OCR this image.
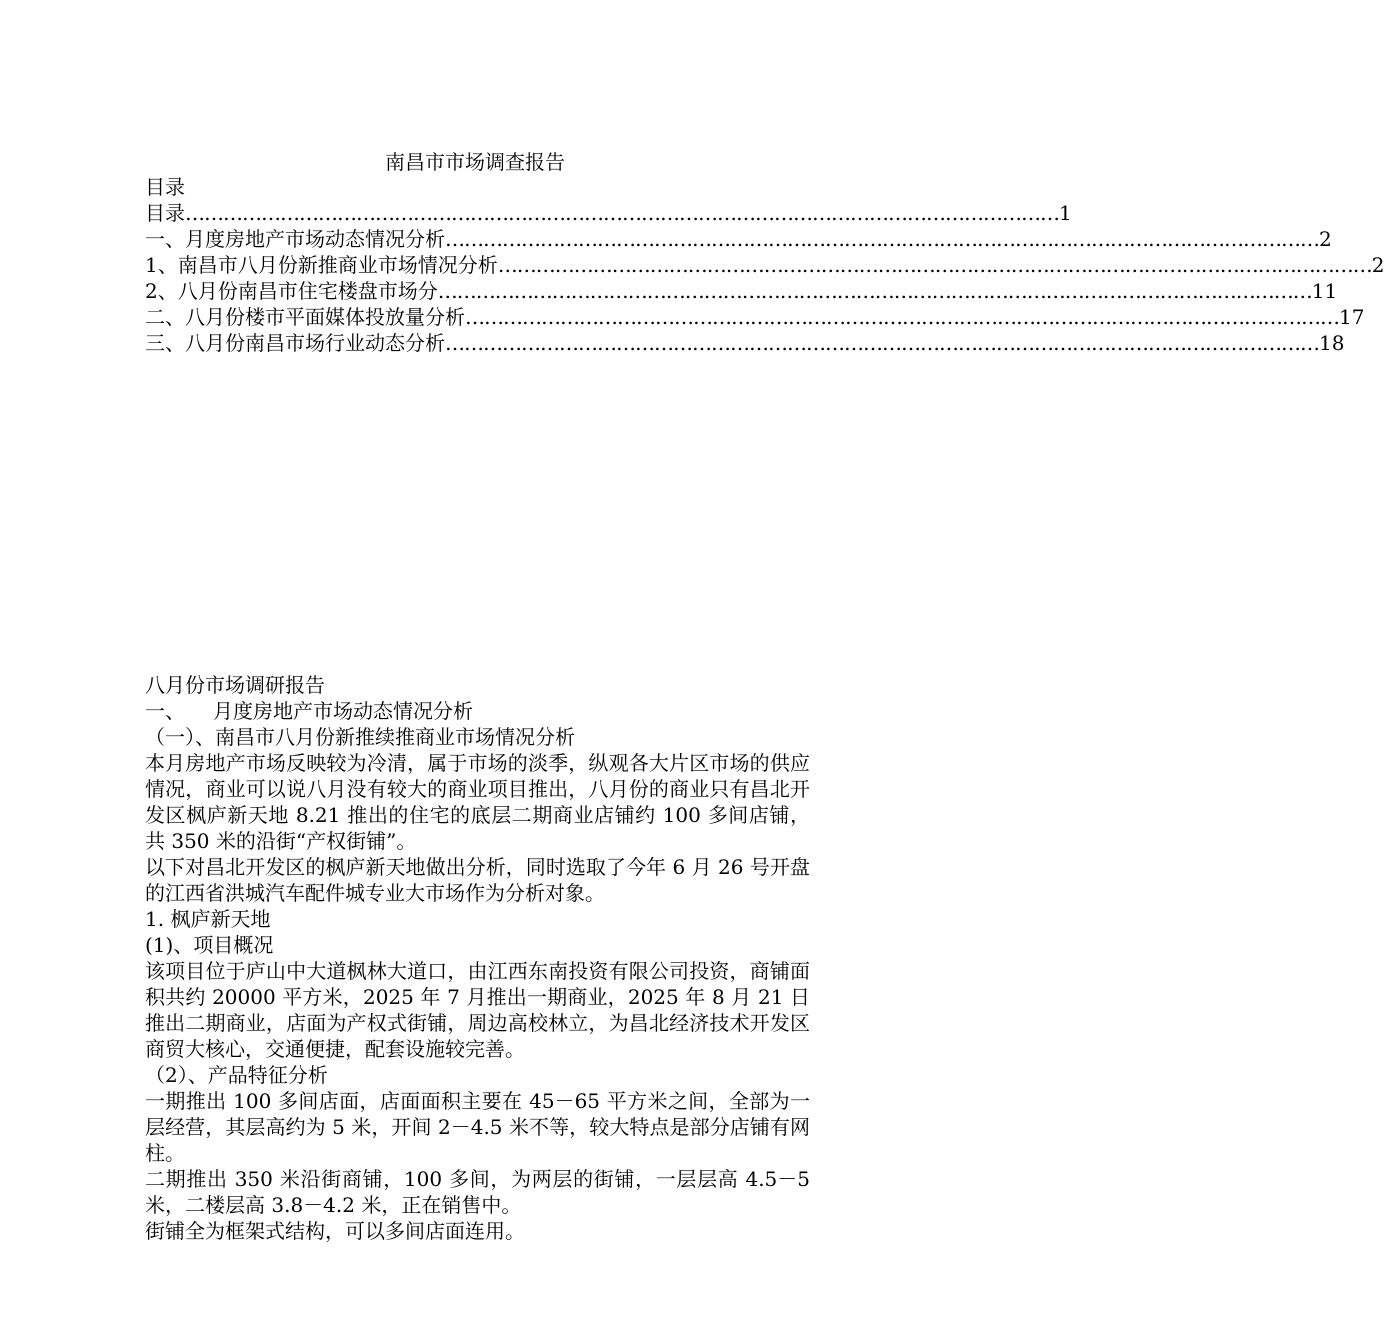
南昌市市场调查报告
目录
目录 ………………………………………………………………………………………………………………………… 1
一、月度房地产市场动态情况分析 ………………………………………………………………………………………………………………………… 2
1、南昌市八月份新推商业市场情况分析 ………………………………………………………………………………………………………………………… 2
2、八月份南昌市住宅楼盘市场分 ………………………………………………………………………………………………………………………… 11
二、八月份楼市平面媒体投放量分析 ………………………………………………………………………………………………………………………… 17
三、八月份南昌市场行业动态分析 ………………………………………………………………………………………………………………………… 18

八月份市场调研报告

一、 月度房地产市场动态情况分析

（一）、南昌市八月份新推续推商业市场情况分析

本月房地产市场反映较为冷清，属于市场的淡季，纵观各大片区市场的供应情况，商业可以说八月没有较大的商业项目推出，八月份的商业只有昌北开发区枫庐新天地 8.21 推出的住宅的底层二期商业店铺约 100 多间店铺，共 350 米的沿街“产权街铺”。

以下对昌北开发区的枫庐新天地做出分析，同时选取了今年 6 月 26 号开盘的江西省洪城汽车配件城专业大市场作为分析对象。

1. 枫庐新天地

(1)、项目概况

该项目位于庐山中大道枫林大道口，由江西东南投资有限公司投资，商铺面积共约 20000 平方米，2025 年 7 月推出一期商业，2025 年 8 月 21 日推出二期商业，店面为产权式街铺，周边高校林立，为昌北经济技术开发区商贸大核心，交通便捷，配套设施较完善。

（2）、产品特征分析

一期推出 100 多间店面，店面面积主要在 45－65 平方米之间，全部为一层经营，其层高约为 5 米，开间 2－4.5 米不等，较大特点是部分店铺有网柱。

二期推出 350 米沿街商铺，100 多间，为两层的街铺，一层层高 4.5－5 米，二楼层高 3.8－4.2 米，正在销售中。

街铺全为框架式结构，可以多间店面连用。
